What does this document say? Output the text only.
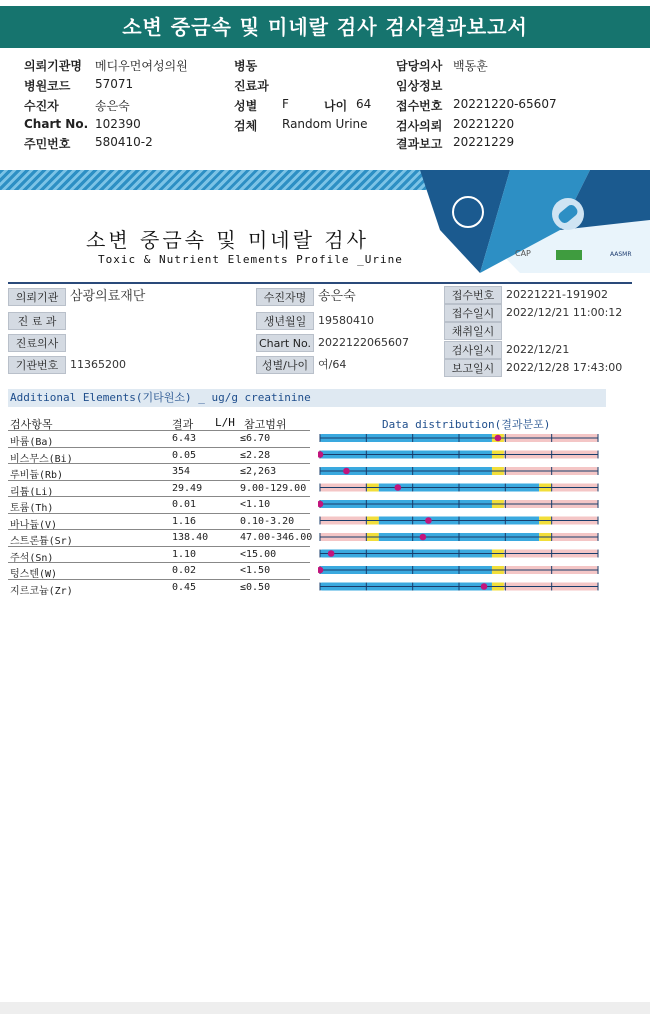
소변 중금속 및 미네랄 검사 검사결과보고서
의뢰기관명 메디우먼여성의원
병원코드 57071
수진자	송은숙
Chart No. 102390
주민번호 580410-2
병동
진료과
성별 F
검체 Random Urine
나이 64
담당의사 백동훈
임상정보
접수번호 20221220-65607
검사의뢰 20221220
결과보고 20221229
CAP	AASMR
소변 중금속 및 미네랄 검사
Toxic & Nutrient Elements Profile _Urine
의뢰기관 삼광의료재단
진 료 과
진료의사
기관번호	11365200
수진자명 송은숙
생년월일	19580410
Chart No. 2022122065607
성별/나이 여/64
접수번호	20221221-191902
접수일시	2022/12/21 11:00:12
채취일시
검사일시	2022/12/21
보고일시	2022/12/28 17:43:00
Additional Elements(기타원소) _ ug/g creatinine
검사항목	결과 L/H 참고범위	Data distribution(결과분포)
바륨(Ba)	6.43	≤6.70
비스무스(Bi)	0.05	≤2.28
루비듐(Rb)	354	≤2,263
리튬(Li)	29.49	9.00-129.00
토륨(Th)	0.01	<1.10
바나듐(V)	1.16	0.10-3.20
스트론튬(Sr)	138.40	47.00-346.00
주석(Sn)	1.10	<15.00
텅스텐(W)	0.02	<1.50
지르코늄(Zr)	0.45	≤0.50
